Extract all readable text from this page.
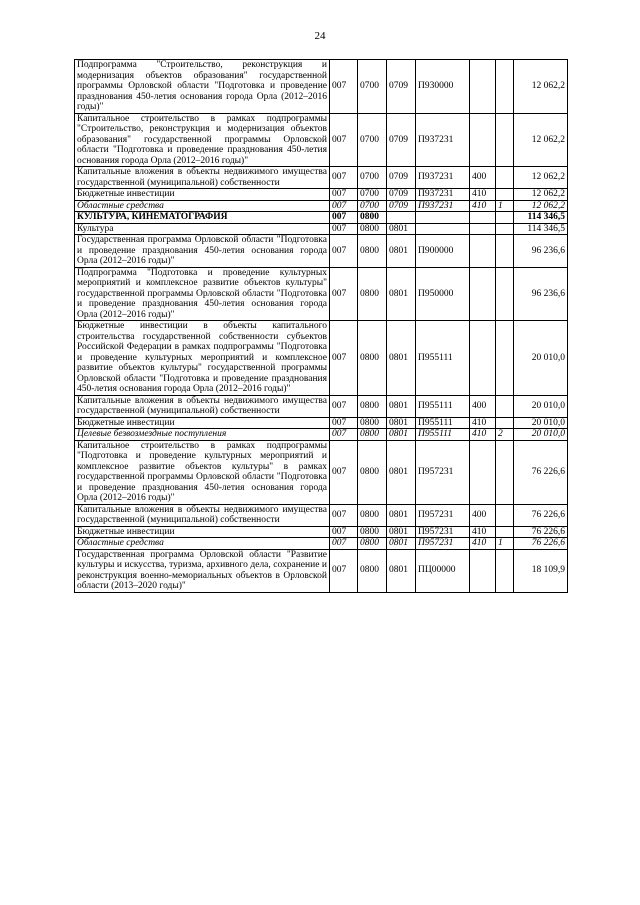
24
Подпрограмма "Строительство, реконструкция и модернизация объектов образования" государственной программы Орловской области "Подготовка и проведение празднования 450-летия основания города Орла (2012–2016 годы)"	007	0700	0709	П930000			12 062,2
Капитальное строительство в рамках подпрограммы "Строительство, реконструкция и модернизация объектов образования" государственной программы Орловской области "Подготовка и проведение празднования 450-летия основания города Орла (2012–2016 годы)"	007	0700	0709	П937231			12 062,2
Капитальные вложения в объекты недвижимого имущества государственной (муниципальной) собственности	007	0700	0709	П937231	400		12 062,2
Бюджетные инвестиции	007	0700	0709	П937231	410		12 062,2
Областные средства	007	0700	0709	П937231	410	1	12 062,2
КУЛЬТУРА, КИНЕМАТОГРАФИЯ	007	0800					114 346,5
Культура	007	0800	0801				114 346,5
Государственная программа Орловской области "Подготовка и проведение празднования 450-летия основания города Орла (2012–2016 годы)"	007	0800	0801	П900000			96 236,6
Подпрограмма "Подготовка и проведение культурных мероприятий и комплексное развитие объектов культуры" государственной программы Орловской области "Подготовка и проведение празднования 450-летия основания города Орла (2012–2016 годы)"	007	0800	0801	П950000			96 236,6
Бюджетные инвестиции в объекты капитального строительства государственной собственности субъектов Российской Федерации в рамках подпрограммы "Подготовка и проведение культурных мероприятий и комплексное развитие объектов культуры" государственной программы Орловской области "Подготовка и проведение празднования 450-летия основания города Орла (2012–2016 годы)"	007	0800	0801	П955111			20 010,0
Капитальные вложения в объекты недвижимого имущества государственной (муниципальной) собственности	007	0800	0801	П955111	400		20 010,0
Бюджетные инвестиции	007	0800	0801	П955111	410		20 010,0
Целевые безвозмездные поступления	007	0800	0801	П955111	410	2	20 010,0
Капитальное строительство в рамках подпрограммы "Подготовка и проведение культурных мероприятий и комплексное развитие объектов культуры" в рамках государственной программы Орловской области "Подготовка и проведение празднования 450-летия основания города Орла (2012–2016 годы)"	007	0800	0801	П957231			76 226,6
Капитальные вложения в объекты недвижимого имущества государственной (муниципальной) собственности	007	0800	0801	П957231	400		76 226,6
Бюджетные инвестиции	007	0800	0801	П957231	410		76 226,6
Областные средства	007	0800	0801	П957231	410	1	76 226,6
Государственная программа Орловской области "Развитие культуры и искусства, туризма, архивного дела, сохранение и реконструкция военно-мемориальных объектов в Орловской области (2013–2020 годы)"	007	0800	0801	ПЦ00000			18 109,9
